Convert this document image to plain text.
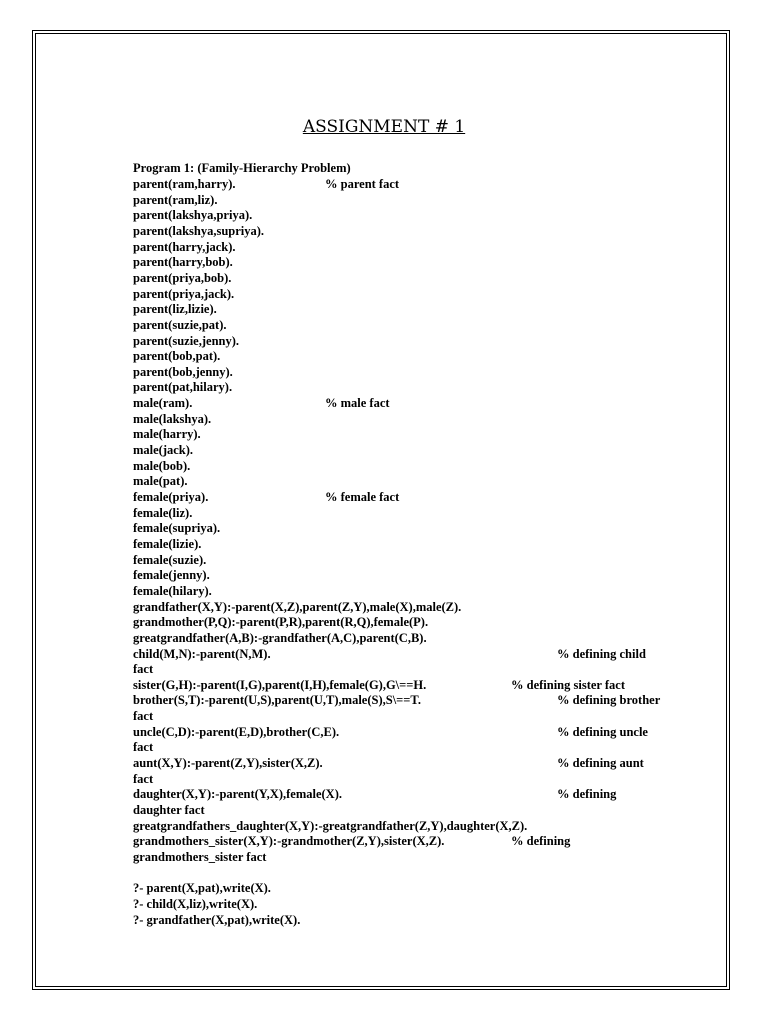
ASSIGNMENT # 1
Program 1: (Family-Hierarchy Problem)
parent(ram,harry).	% parent fact
parent(ram,liz).
parent(lakshya,priya).
parent(lakshya,supriya).
parent(harry,jack).
parent(harry,bob).
parent(priya,bob).
parent(priya,jack).
parent(liz,lizie).
parent(suzie,pat).
parent(suzie,jenny).
parent(bob,pat).
parent(bob,jenny).
parent(pat,hilary).
male(ram).	% male fact
male(lakshya).
male(harry).
male(jack).
male(bob).
male(pat).
female(priya).	% female fact
female(liz).
female(supriya).
female(lizie).
female(suzie).
female(jenny).
female(hilary).
grandfather(X,Y):-parent(X,Z),parent(Z,Y),male(X),male(Z).
grandmother(P,Q):-parent(P,R),parent(R,Q),female(P).
greatgrandfather(A,B):-grandfather(A,C),parent(C,B).
child(M,N):-parent(N,M).	% defining child
fact
sister(G,H):-parent(I,G),parent(I,H),female(G),G\==H.	% defining sister fact
brother(S,T):-parent(U,S),parent(U,T),male(S),S\==T.	% defining brother
fact
uncle(C,D):-parent(E,D),brother(C,E).	% defining uncle
fact
aunt(X,Y):-parent(Z,Y),sister(X,Z).	% defining aunt
fact
daughter(X,Y):-parent(Y,X),female(X).	% defining
daughter fact
greatgrandfathers_daughter(X,Y):-greatgrandfather(Z,Y),daughter(X,Z).
grandmothers_sister(X,Y):-grandmother(Z,Y),sister(X,Z).	% defining
grandmothers_sister fact
?- parent(X,pat),write(X).
?- child(X,liz),write(X).
?- grandfather(X,pat),write(X).
